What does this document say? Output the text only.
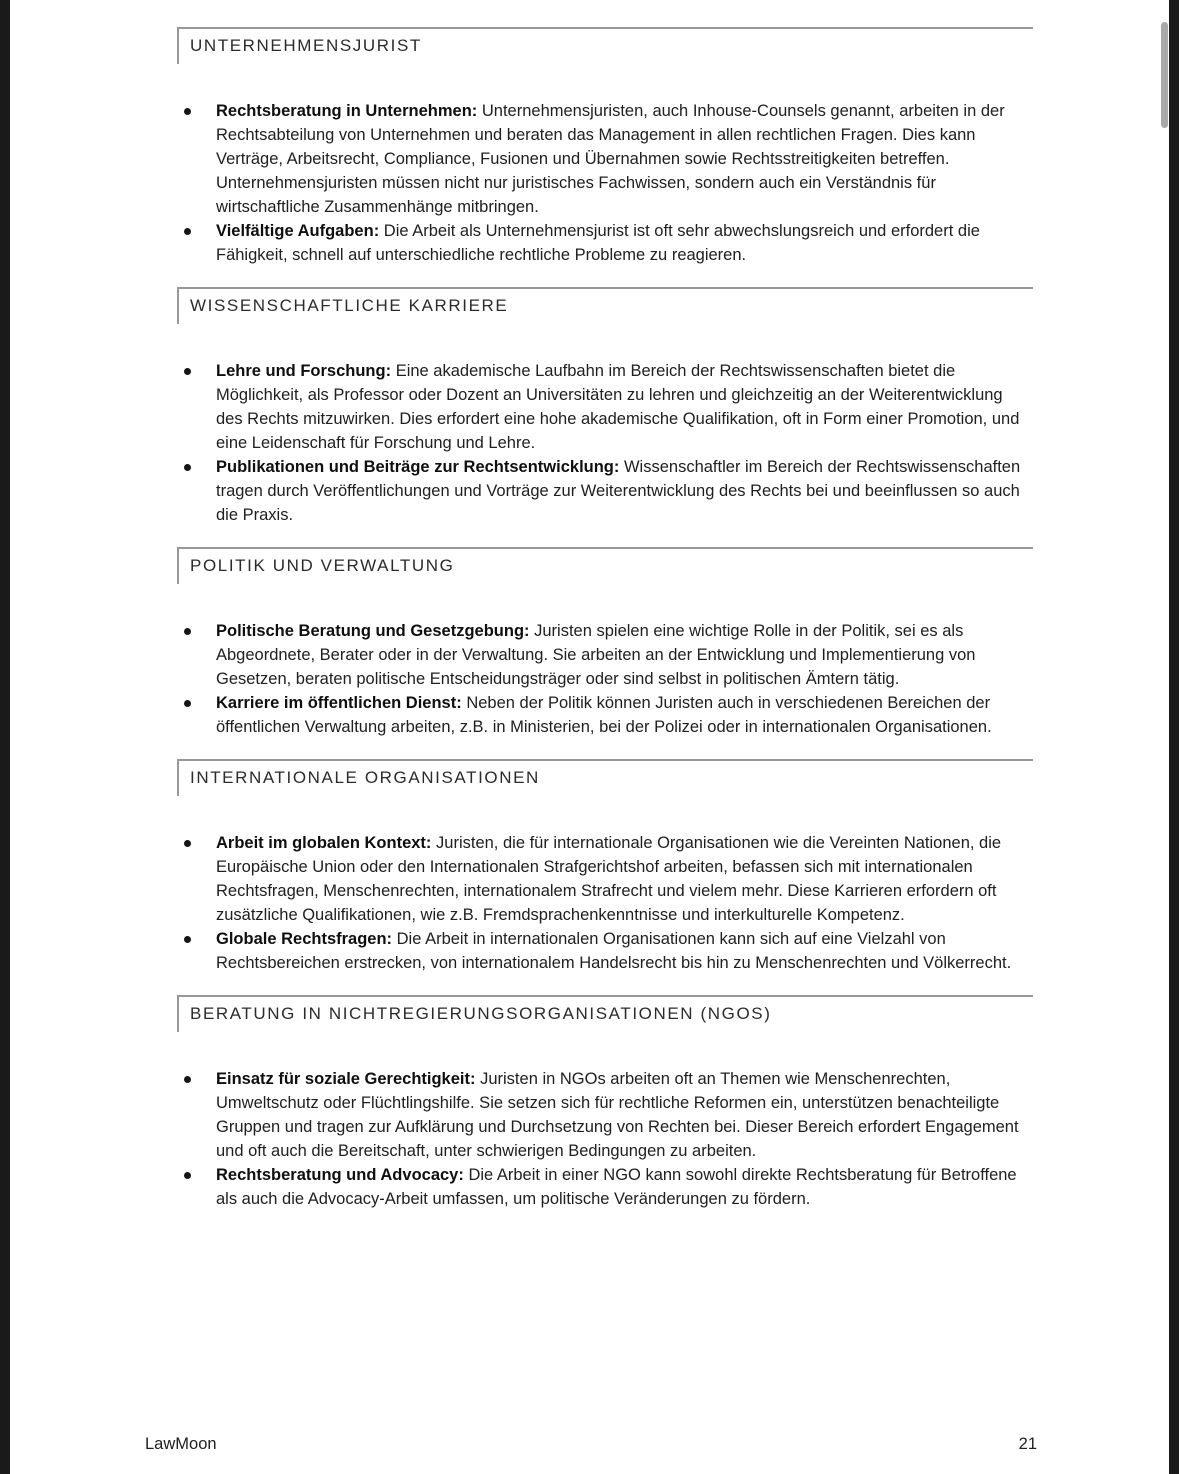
UNTERNEHMENSJURIST
Rechtsberatung in Unternehmen: Unternehmensjuristen, auch Inhouse-Counsels genannt, arbeiten in der Rechtsabteilung von Unternehmen und beraten das Management in allen rechtlichen Fragen. Dies kann Verträge, Arbeitsrecht, Compliance, Fusionen und Übernahmen sowie Rechtsstreitigkeiten betreffen. Unternehmensjuristen müssen nicht nur juristisches Fachwissen, sondern auch ein Verständnis für wirtschaftliche Zusammenhänge mitbringen.
Vielfältige Aufgaben: Die Arbeit als Unternehmensjurist ist oft sehr abwechslungsreich und erfordert die Fähigkeit, schnell auf unterschiedliche rechtliche Probleme zu reagieren.
WISSENSCHAFTLICHE KARRIERE
Lehre und Forschung: Eine akademische Laufbahn im Bereich der Rechtswissenschaften bietet die Möglichkeit, als Professor oder Dozent an Universitäten zu lehren und gleichzeitig an der Weiterentwicklung des Rechts mitzuwirken. Dies erfordert eine hohe akademische Qualifikation, oft in Form einer Promotion, und eine Leidenschaft für Forschung und Lehre.
Publikationen und Beiträge zur Rechtsentwicklung: Wissenschaftler im Bereich der Rechtswissenschaften tragen durch Veröffentlichungen und Vorträge zur Weiterentwicklung des Rechts bei und beeinflussen so auch die Praxis.
POLITIK UND VERWALTUNG
Politische Beratung und Gesetzgebung: Juristen spielen eine wichtige Rolle in der Politik, sei es als Abgeordnete, Berater oder in der Verwaltung. Sie arbeiten an der Entwicklung und Implementierung von Gesetzen, beraten politische Entscheidungsträger oder sind selbst in politischen Ämtern tätig.
Karriere im öffentlichen Dienst: Neben der Politik können Juristen auch in verschiedenen Bereichen der öffentlichen Verwaltung arbeiten, z.B. in Ministerien, bei der Polizei oder in internationalen Organisationen.
INTERNATIONALE ORGANISATIONEN
Arbeit im globalen Kontext: Juristen, die für internationale Organisationen wie die Vereinten Nationen, die Europäische Union oder den Internationalen Strafgerichtshof arbeiten, befassen sich mit internationalen Rechtsfragen, Menschenrechten, internationalem Strafrecht und vielem mehr. Diese Karrieren erfordern oft zusätzliche Qualifikationen, wie z.B. Fremdsprachenkenntnisse und interkulturelle Kompetenz.
Globale Rechtsfragen: Die Arbeit in internationalen Organisationen kann sich auf eine Vielzahl von Rechtsbereichen erstrecken, von internationalem Handelsrecht bis hin zu Menschenrechten und Völkerrecht.
BERATUNG IN NICHTREGIERUNGSORGANISATIONEN (NGOS)
Einsatz für soziale Gerechtigkeit: Juristen in NGOs arbeiten oft an Themen wie Menschenrechten, Umweltschutz oder Flüchtlingshilfe. Sie setzen sich für rechtliche Reformen ein, unterstützen benachteiligte Gruppen und tragen zur Aufklärung und Durchsetzung von Rechten bei. Dieser Bereich erfordert Engagement und oft auch die Bereitschaft, unter schwierigen Bedingungen zu arbeiten.
Rechtsberatung und Advocacy: Die Arbeit in einer NGO kann sowohl direkte Rechtsberatung für Betroffene als auch die Advocacy-Arbeit umfassen, um politische Veränderungen zu fördern.
LawMoon	21
